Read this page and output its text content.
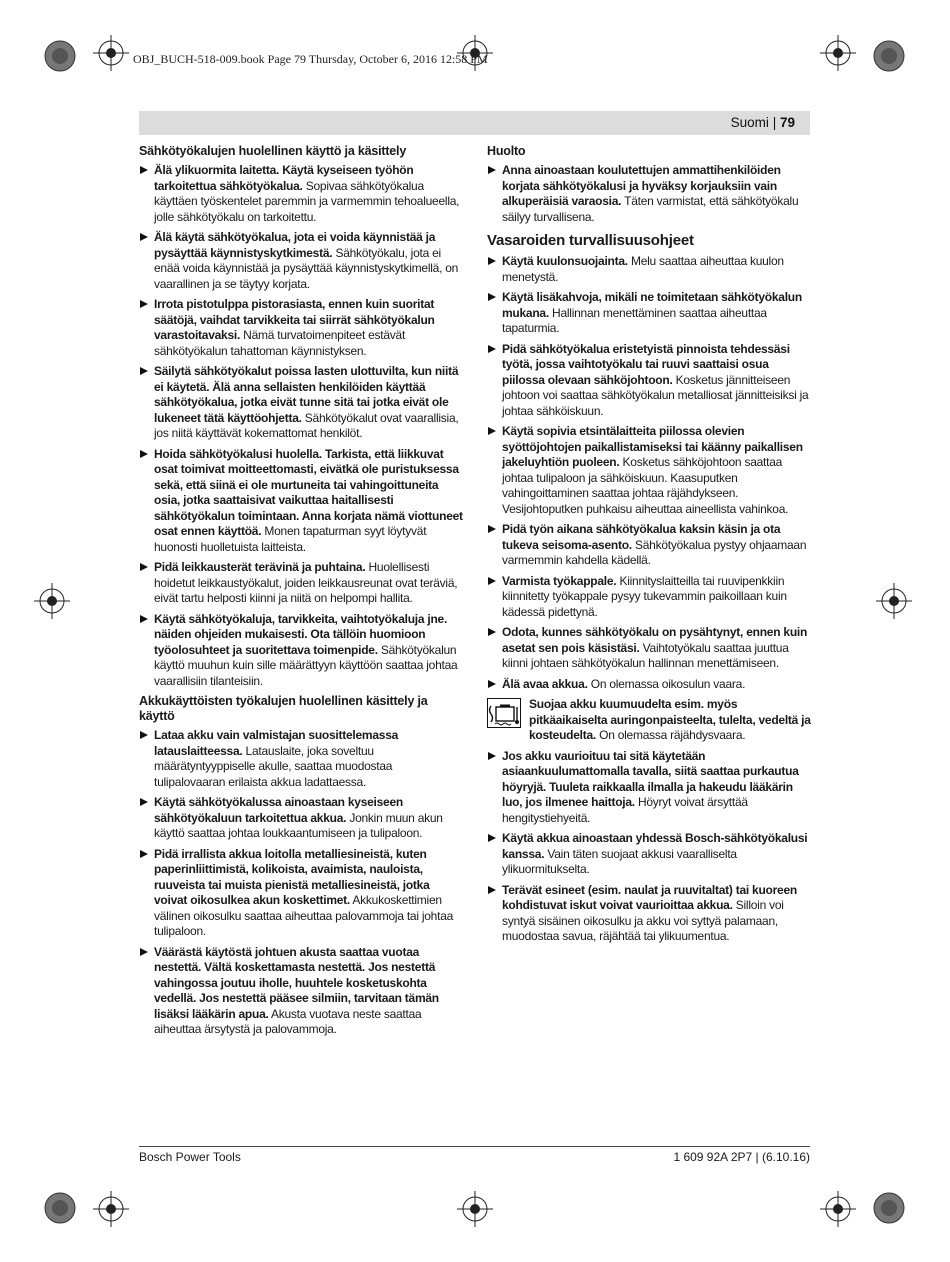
OBJ_BUCH-518-009.book Page 79 Thursday, October 6, 2016 12:58 PM
Suomi | 79
Sähkötyökalujen huolellinen käyttö ja käsittely
Älä ylikuormita laitetta. Käytä kyseiseen työhön tarkoitettua sähkötyökalua. Sopivaa sähkötyökalua käyttäen työskentelet paremmin ja varmemmin tehoalueella, jolle sähkötyökalu on tarkoitettu.
Älä käytä sähkötyökalua, jota ei voida käynnistää ja pysäyttää käynnistyskytkimestä. Sähkötyökalu, jota ei enää voida käynnistää ja pysäyttää käynnistyskytkimellä, on vaarallinen ja se täytyy korjata.
Irrota pistotulppa pistorasiasta, ennen kuin suoritat säätöjä, vaihdat tarvikkeita tai siirrät sähkötyökalun varastoitavaksi. Nämä turvatoimenpiteet estävät sähkötyökalun tahattoman käynnistyksen.
Säilytä sähkötyökalut poissa lasten ulottuvilta, kun niitä ei käytetä. Älä anna sellaisten henkilöiden käyttää sähkötyökalua, jotka eivät tunne sitä tai jotka eivät ole lukeneet tätä käyttöohjetta. Sähkötyökalut ovat vaarallisia, jos niitä käyttävät kokemattomat henkilöt.
Hoida sähkötyökalusi huolella. Tarkista, että liikkuvat osat toimivat moitteettomasti, eivätkä ole puristuksessa sekä, että siinä ei ole murtuneita tai vahingoittuneita osia, jotka saattaisivat vaikuttaa haitallisesti sähkötyökalun toimintaan. Anna korjata nämä viottuneet osat ennen käyttöä. Monen tapaturman syyt löytyvät huonosti huolletuista laitteista.
Pidä leikkausterät terävinä ja puhtaina. Huolellisesti hoidetut leikkaustyökalut, joiden leikkausreunat ovat teräviä, eivät tartu helposti kiinni ja niitä on helpompi hallita.
Käytä sähkötyökaluja, tarvikkeita, vaihtotyökaluja jne. näiden ohjeiden mukaisesti. Ota tällöin huomioon työolosuhteet ja suoritettava toimenpide. Sähkötyökalun käyttö muuhun kuin sille määrättyyn käyttöön saattaa johtaa vaarallisiin tilanteisiin.
Akkukäyttöisten työkalujen huolellinen käsittely ja käyttö
Lataa akku vain valmistajan suosittelemassa latauslaitteessa. Latauslaite, joka soveltuu määrätyntyyppiselle akulle, saattaa muodostaa tulipalovaaran erilaista akkua ladattaessa.
Käytä sähkötyökalussa ainoastaan kyseiseen sähkötyökaluun tarkoitettua akkua. Jonkin muun akun käyttö saattaa johtaa loukkaantumiseen ja tulipaloon.
Pidä irrallista akkua loitolla metalliesineistä, kuten paperinliittimistä, kolikoista, avaimista, nauloista, ruuveista tai muista pienistä metalliesineistä, jotka voivat oikosulkea akun koskettimet. Akkukoskettimien välinen oikosulku saattaa aiheuttaa palovammoja tai johtaa tulipaloon.
Väärästä käytöstä johtuen akusta saattaa vuotaa nestettä. Vältä koskettamasta nestettä. Jos nestettä vahingossa joutuu iholle, huuhtele kosketuskohta vedellä. Jos nestettä pääsee silmiin, tarvitaan tämän lisäksi lääkärin apua. Akusta vuotava neste saattaa aiheuttaa ärsytystä ja palovammoja.
Huolto
Anna ainoastaan koulutettujen ammattihenkilöiden korjata sähkötyökalusi ja hyväksy korjauksiin vain alkuperäisiä varaosia. Täten varmistat, että sähkötyökalu säilyy turvallisena.
Vasaroiden turvallisuusohjeet
Käytä kuulonsuojainta. Melu saattaa aiheuttaa kuulon menetystä.
Käytä lisäkahvoja, mikäli ne toimitetaan sähkötyökalun mukana. Hallinnan menettäminen saattaa aiheuttaa tapaturmia.
Pidä sähkötyökalua eristetyistä pinnoista tehdessäsi työtä, jossa vaihtotyökalu tai ruuvi saattaisi osua piilossa olevaan sähköjohtoon. Kosketus jännitteiseen johtoon voi saattaa sähkötyökalun metalliosat jännitteisiksi ja johtaa sähköiskuun.
Käytä sopivia etsintälaitteita piilossa olevien syöttöjohtojen paikallistamiseksi tai käänny paikallisen jakeluyhtiön puoleen. Kosketus sähköjohtoon saattaa johtaa tulipaloon ja sähköiskuun. Kaasuputken vahingoittaminen saattaa johtaa räjähdykseen. Vesijohtoputken puhkaisu aiheuttaa aineellista vahinkoa.
Pidä työn aikana sähkötyökalua kaksin käsin ja ota tukeva seisoma-asento. Sähkötyökalua pystyy ohjaamaan varmemmin kahdella kädellä.
Varmista työkappale. Kiinnityslaitteilla tai ruuvipenkkiin kiinnitetty työkappale pysyy tukevammin paikoillaan kuin kädessä pidettynä.
Odota, kunnes sähkötyökalu on pysähtynyt, ennen kuin asetat sen pois käsistäsi. Vaihtotyökalu saattaa juuttua kiinni johtaen sähkötyökalun hallinnan menettämiseen.
Älä avaa akkua. On olemassa oikosulun vaara.
Suojaa akku kuumuudelta esim. myös pitkäaikaiselta auringonpaisteelta, tulelta, vedeltä ja kosteudelta. On olemassa räjähdysvaara.
Jos akku vaurioituu tai sitä käytetään asiaankuulumattomalla tavalla, siitä saattaa purkautua höyryjä. Tuuleta raikkaalla ilmalla ja hakeudu lääkärin luo, jos ilmenee haittoja. Höyryt voivat ärsyttää hengitystiehyeitä.
Käytä akkua ainoastaan yhdessä Bosch-sähkötyökalusi kanssa. Vain täten suojaat akkusi vaaralliselta ylikuormitukselta.
Terävät esineet (esim. naulat ja ruuvitaltat) tai kuoreen kohdistuvat iskut voivat vaurioittaa akkua. Silloin voi syntyä sisäinen oikosulku ja akku voi syttyä palamaan, muodostaa savua, räjähtää tai ylikuumentua.
Bosch Power Tools	1 609 92A 2P7 | (6.10.16)
